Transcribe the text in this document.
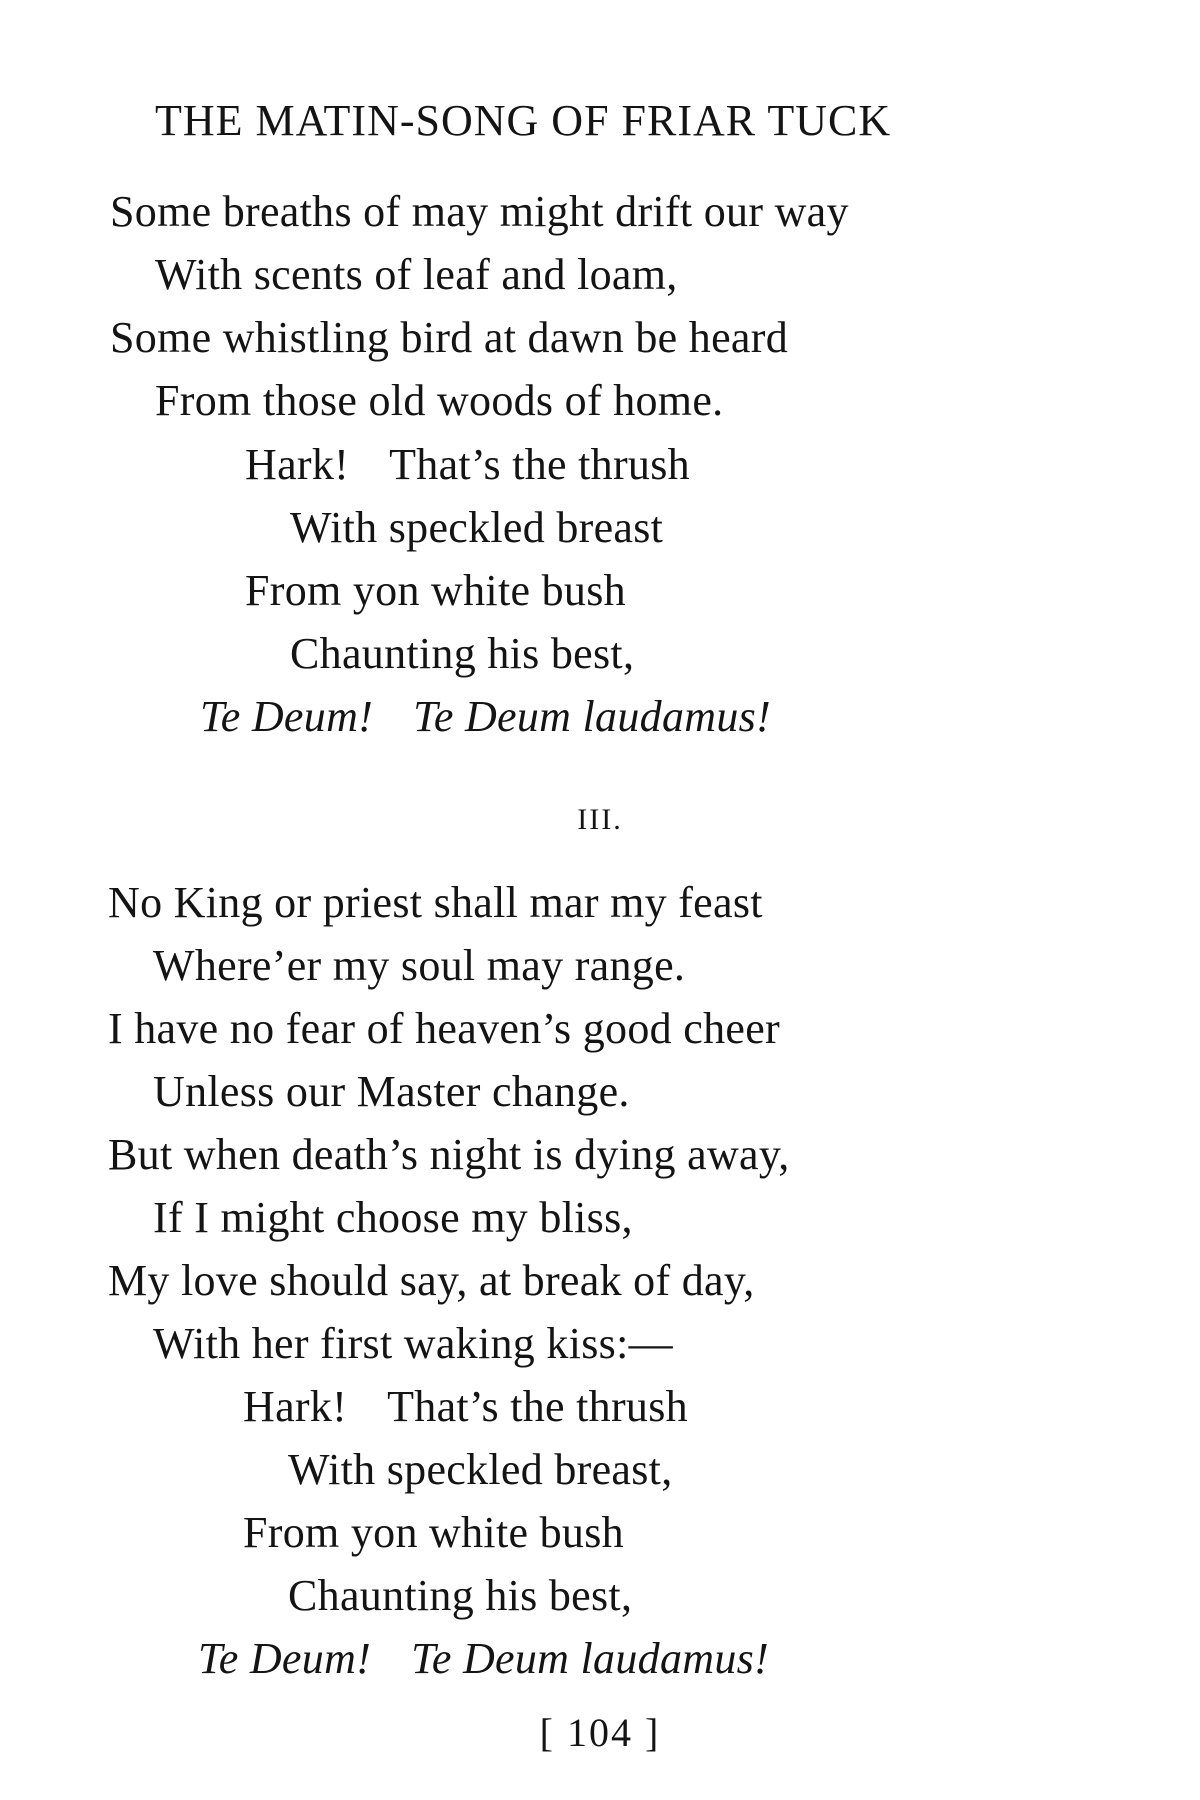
THE MATIN-SONG OF FRIAR TUCK
Some breaths of may might drift our way
With scents of leaf and loam,
Some whistling bird at dawn be heard
From those old woods of home.
Hark! That’s the thrush
With speckled breast
From yon white bush
Chaunting his best,
Te Deum! Te Deum laudamus!
III.
No King or priest shall mar my feast
Where’er my soul may range.
I have no fear of heaven’s good cheer
Unless our Master change.
But when death’s night is dying away,
If I might choose my bliss,
My love should say, at break of day,
With her first waking kiss:—
Hark! That’s the thrush
With speckled breast,
From yon white bush
Chaunting his best,
Te Deum! Te Deum laudamus!
[ 104 ]
